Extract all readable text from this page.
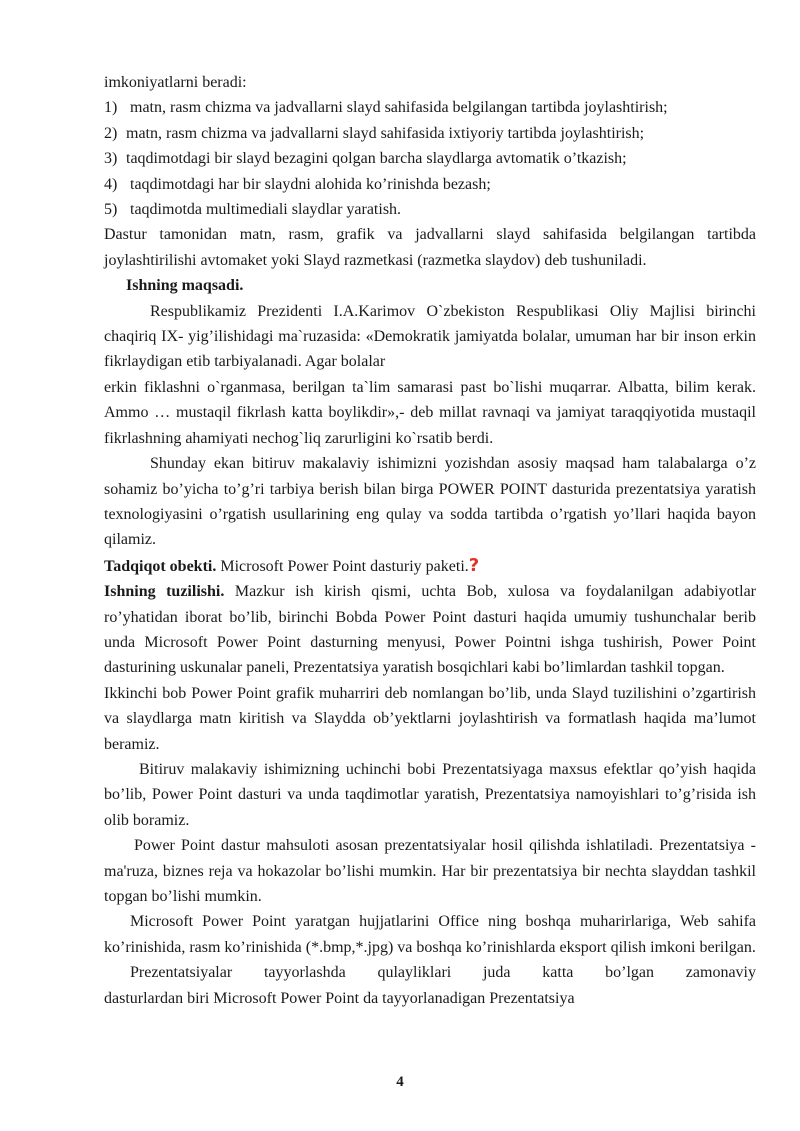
imkoniyatlarni beradi:
1) matn, rasm chizma va jadvallarni slayd sahifasida belgilangan tartibda joylashtirish;
2) matn, rasm chizma va jadvallarni slayd sahifasida ixtiyoriy tartibda joylashtirish;
3) taqdimotdagi bir slayd bezagini qolgan barcha slaydlarga avtomatik o’tkazish;
4) taqdimotdagi har bir slaydni alohida ko’rinishda bezash;
5) taqdimotda multimediali slaydlar yaratish.

Dastur tamonidan matn, rasm, grafik va jadvallarni slayd sahifasida belgilangan tartibda joylashtirilishi avtomaket yoki Slayd razmetkasi (razmetka slaydov) deb tushuniladi.

Ishning maqsadi.

Respublikamiz Prezidenti I.A.Karimov O`zbekiston Respublikasi Oliy Majlisi birinchi chaqiriq IX- yig’ilishidagi ma`ruzasida: «Demokratik jamiyatda bolalar, umuman har bir inson erkin fikrlaydigan etib tarbiyalanadi. Agar bolalar

erkin fiklashni o`rganmasa, berilgan ta`lim samarasi past bo`lishi muqarrar. Albatta, bilim kerak. Ammo … mustaqil fikrlash katta boylikdir»,- deb millat ravnaqi va jamiyat taraqqiyotida mustaqil fikrlashning ahamiyati nechog`liq zarurligini ko`rsatib berdi.

Shunday ekan bitiruv makalaviy ishimizni yozishdan asosiy maqsad ham talabalarga o’z sohamiz bo’yicha to’g’ri tarbiya berish bilan birga POWER POINT dasturida prezentatsiya yaratish texnologiyasini o’rgatish usullarining eng qulay va sodda tartibda o’rgatish yo’llari haqida bayon qilamiz.

Tadqiqot obekti. Microsoft Power Point dasturiy paketi.?

Ishning tuzilishi. Mazkur ish kirish qismi, uchta Bob, xulosa va foydalanilgan adabiyotlar ro’yhatidan iborat bo’lib, birinchi Bobda Power Point dasturi haqida umumiy tushunchalar berib unda Microsoft Power Point dasturning menyusi, Power Pointni ishga tushirish, Power Point dasturining uskunalar paneli, Prezentatsiya yaratish bosqichlari kabi bo’limlardan tashkil topgan.

Ikkinchi bob Power Point grafik muharriri deb nomlangan bo’lib, unda Slayd tuzilishini o’zgartirish va slaydlarga matn kiritish va Slaydda ob’yektlarni joylashtirish va formatlash haqida ma’lumot beramiz.

Bitiruv malakaviy ishimizning uchinchi bobi Prezentatsiyaga maxsus efektlar qo’yish haqida bo’lib, Power Point dasturi va unda taqdimotlar yaratish, Prezentatsiya namoyishlari to’g’risida ish olib boramiz.

Power Point dastur mahsuloti asosan prezentatsiyalar hosil qilishda ishlatiladi. Prezentatsiya - ma'ruza, biznes reja va hokazolar bo’lishi mumkin. Har bir prezentatsiya bir nechta slayddan tashkil topgan bo’lishi mumkin.

Microsoft Power Point yaratgan hujjatlarini Office ning boshqa muharirlariga, Web sahifa ko’rinishida, rasm ko’rinishida (*.bmp,*.jpg) va boshqa ko’rinishlarda eksport qilish imkoni berilgan.

Prezentatsiyalar tayyorlashda qulayliklari juda katta bo’lgan zamonaviy

dasturlardan biri Microsoft Power Point da tayyorlanadigan Prezentatsiya
4
